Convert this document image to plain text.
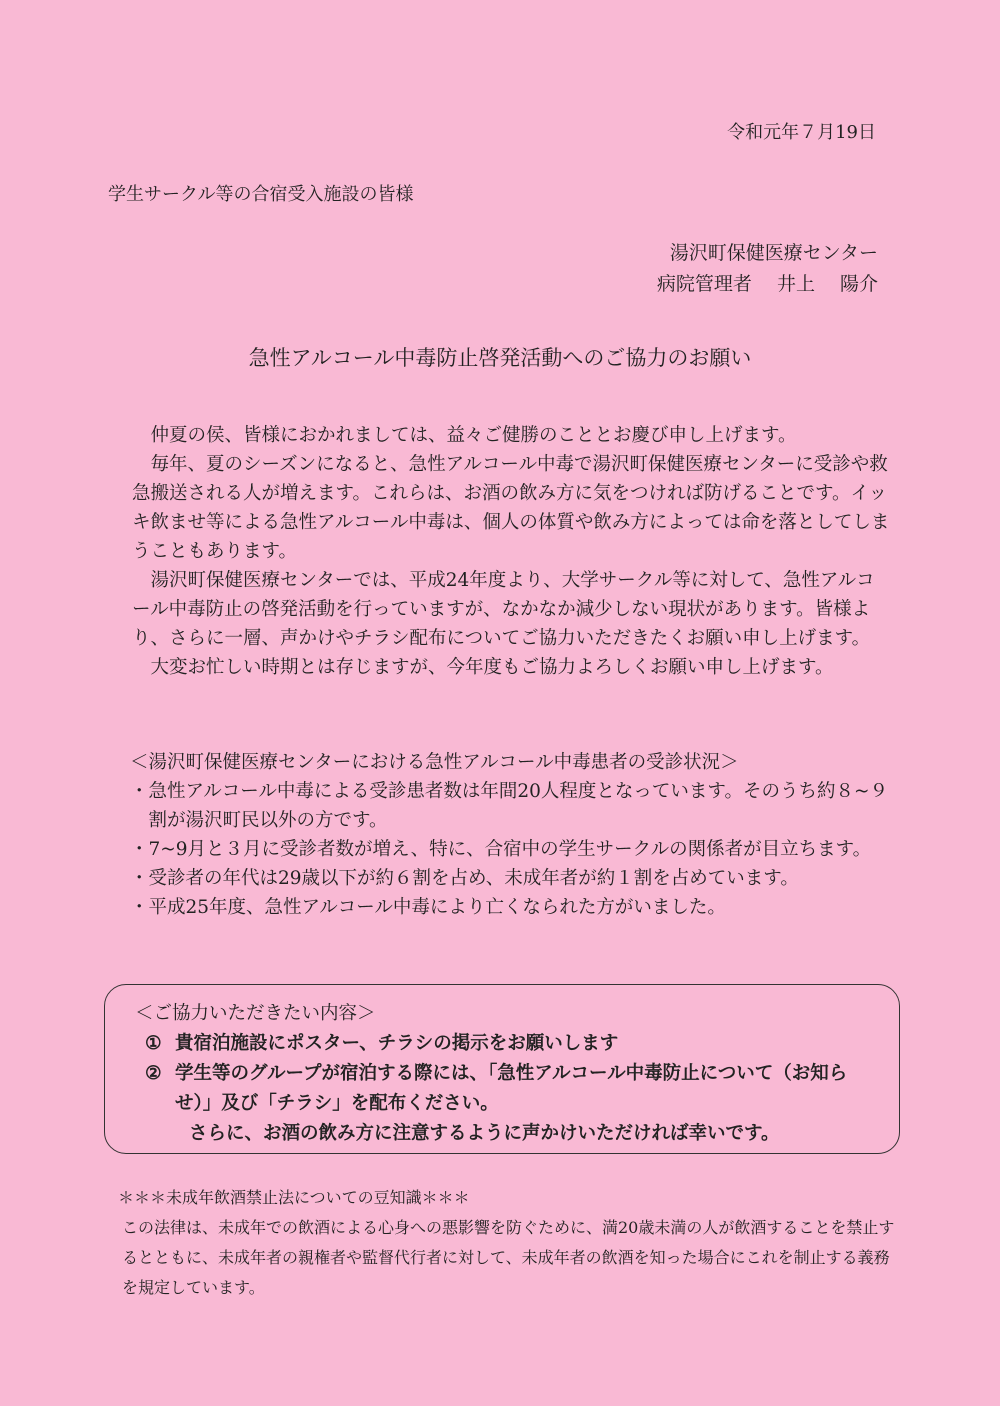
令和元年７月19日
学生サークル等の合宿受入施設の皆様
湯沢町保健医療センター
病院管理者　 井上　 陽介
急性アルコール中毒防止啓発活動へのご協力のお願い

仲夏の侯、皆様におかれましては、益々ご健勝のこととお慶び申し上げます。

毎年、夏のシーズンになると、急性アルコール中毒で湯沢町保健医療センターに受診や救急搬送される人が増えます。これらは、お酒の飲み方に気をつければ防げることです。イッキ飲ませ等による急性アルコール中毒は、個人の体質や飲み方によっては命を落としてしまうこともあります。

湯沢町保健医療センターでは、平成24年度より、大学サークル等に対して、急性アルコール中毒防止の啓発活動を行っていますが、なかなか減少しない現状があります。皆様より、さらに一層、声かけやチラシ配布についてご協力いただきたくお願い申し上げます。

大変お忙しい時期とは存じますが、今年度もご協力よろしくお願い申し上げます。

＜湯沢町保健医療センターにおける急性アルコール中毒患者の受診状況＞

・急性アルコール中毒による受診患者数は年間20人程度となっています。そのうち約８~９割が湯沢町民以外の方です。
・7~9月と３月に受診者数が増え、特に、合宿中の学生サークルの関係者が目立ちます。
・受診者の年代は29歳以下が約６割を占め、未成年者が約１割を占めています。
・平成25年度、急性アルコール中毒により亡くなられた方がいました。
＜ご協力いただきたい内容＞
① 貴宿泊施設にポスター、チラシの掲示をお願いします
② 学生等のグループが宿泊する際には、「急性アルコール中毒防止について（お知らせ）」及び「チラシ」を配布ください。
さらに、お酒の飲み方に注意するように声かけいただければ幸いです。

＊＊＊未成年飲酒禁止法についての豆知識＊＊＊

この法律は、未成年での飲酒による心身への悪影響を防ぐために、満20歳未満の人が飲酒することを禁止するとともに、未成年者の親権者や監督代行者に対して、未成年者の飲酒を知った場合にこれを制止する義務を規定しています。
